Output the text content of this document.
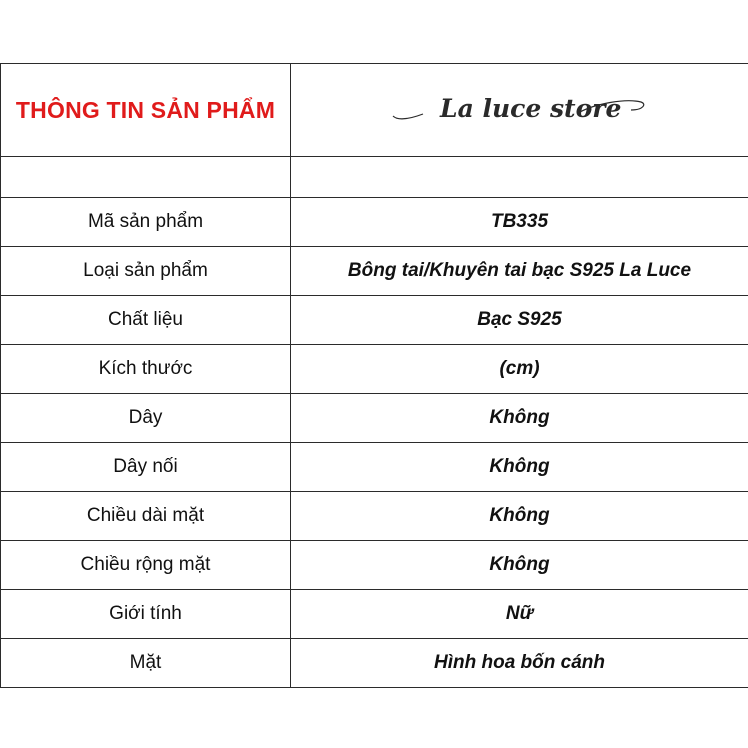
THÔNG TIN SẢN PHẨM	La luce store

Mã sản phẩm	TB335
Loại sản phẩm	Bông tai/Khuyên tai bạc S925 La Luce
Chất liệu	Bạc S925
Kích thước	(cm)
Dây	Không
Dây nối	Không
Chiều dài mặt	Không
Chiều rộng mặt	Không
Giới tính	Nữ
Mặt	Hình hoa bốn cánh
